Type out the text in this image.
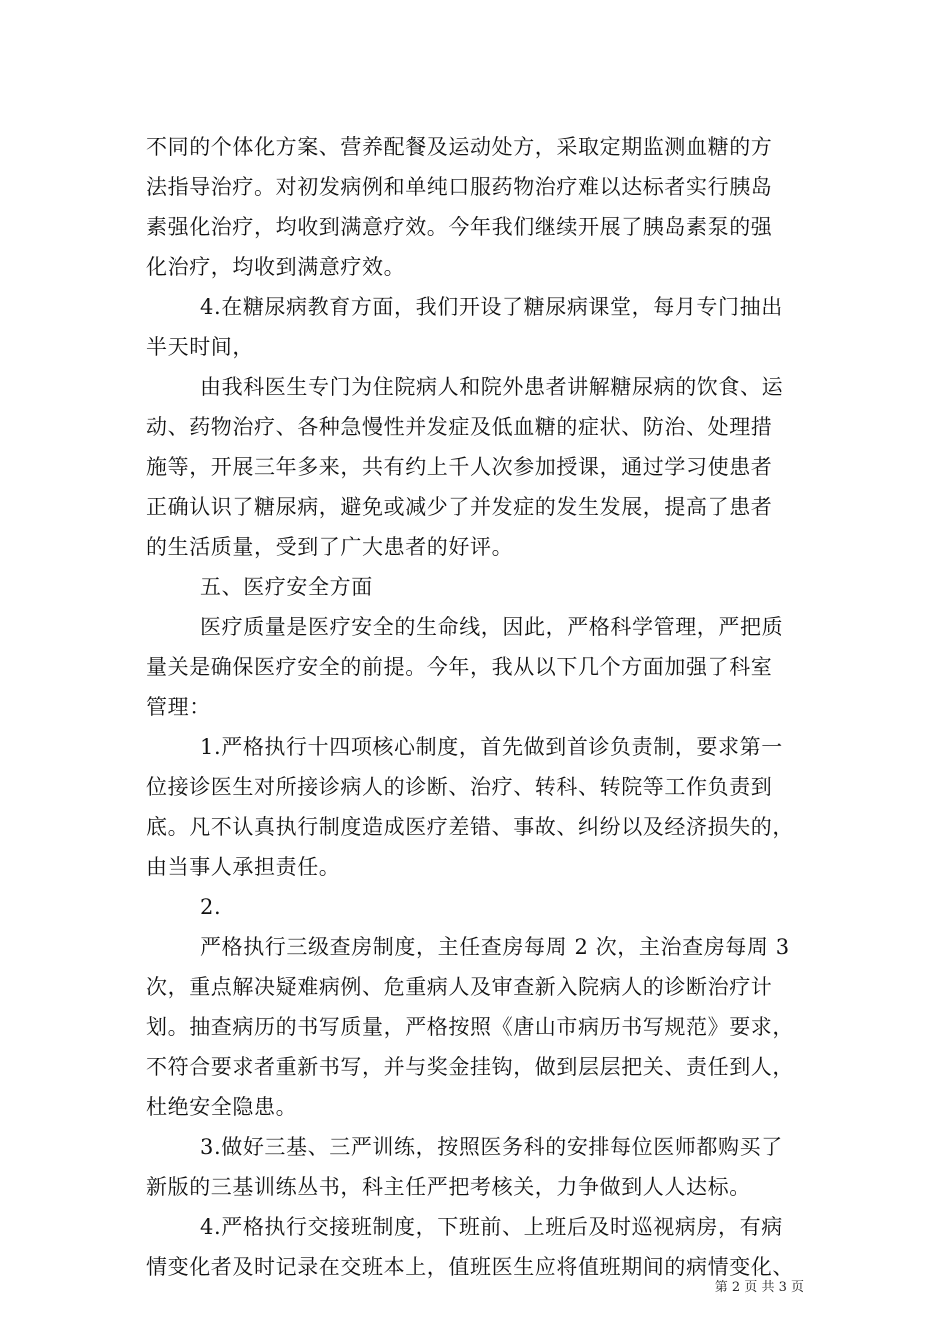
不同的个体化方案、营养配餐及运动处方，采取定期监测血糖的方
法指导治疗。对初发病例和单纯口服药物治疗难以达标者实行胰岛
素强化治疗，均收到满意疗效。今年我们继续开展了胰岛素泵的强
化治疗，均收到满意疗效。
4.在糖尿病教育方面，我们开设了糖尿病课堂，每月专门抽出
半天时间，
由我科医生专门为住院病人和院外患者讲解糖尿病的饮食、运
动、药物治疗、各种急慢性并发症及低血糖的症状、防治、处理措
施等，开展三年多来，共有约上千人次参加授课，通过学习使患者
正确认识了糖尿病，避免或减少了并发症的发生发展，提高了患者
的生活质量，受到了广大患者的好评。
五、医疗安全方面
医疗质量是医疗安全的生命线，因此，严格科学管理，严把质
量关是确保医疗安全的前提。今年，我从以下几个方面加强了科室
管理：
1.严格执行十四项核心制度，首先做到首诊负责制，要求第一
位接诊医生对所接诊病人的诊断、治疗、转科、转院等工作负责到
底。凡不认真执行制度造成医疗差错、事故、纠纷以及经济损失的，
由当事人承担责任。
2.
严格执行三级查房制度，主任查房每周 2 次，主治查房每周 3
次，重点解决疑难病例、危重病人及审查新入院病人的诊断治疗计
划。抽查病历的书写质量，严格按照《唐山市病历书写规范》要求，
不符合要求者重新书写，并与奖金挂钩，做到层层把关、责任到人，
杜绝安全隐患。
3.做好三基、三严训练，按照医务科的安排每位医师都购买了
新版的三基训练丛书，科主任严把考核关，力争做到人人达标。
4.严格执行交接班制度，下班前、上班后及时巡视病房，有病
情变化者及时记录在交班本上，值班医生应将值班期间的病情变化、
第 2 页 共 3 页
